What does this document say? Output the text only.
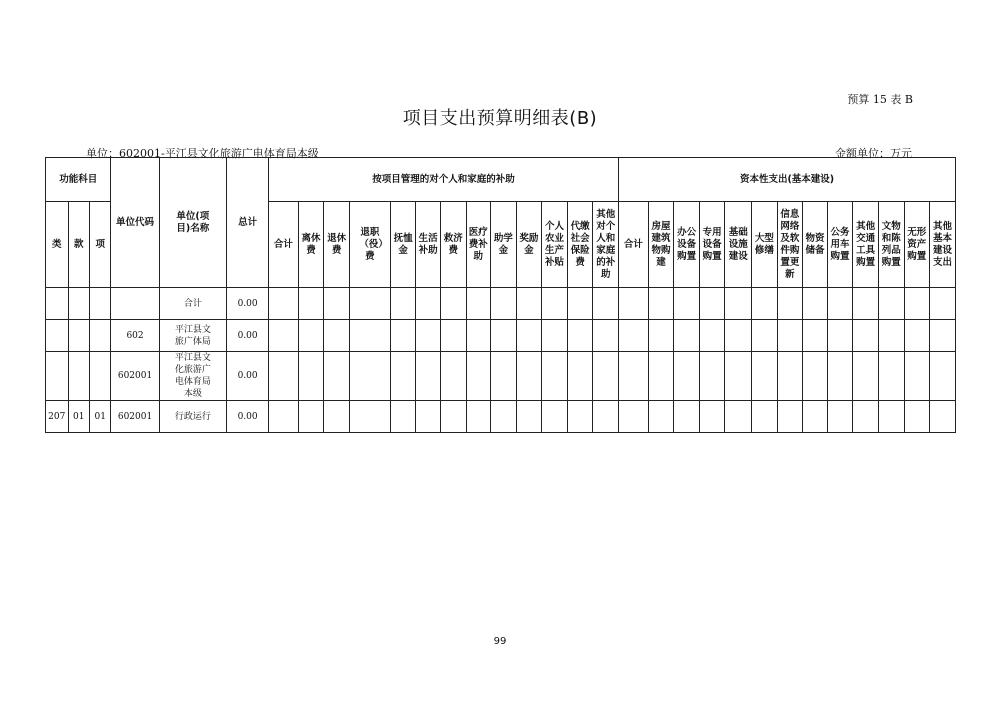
预算 15 表 B
项目支出预算明细表(B)
单位：602001-平江县文化旅游广电体育局本级	金额单位：万元
功能科目			单位代码	单位(项目)名称	总计	按项目管理的对个人和家庭的补助													资本性支出(基本建设)												
类	款	项				合计	离休费	退休费	退职（役）费	抚恤金	生活补助	救济费	医疗费补助	助学金	奖励金	个人农业生产补贴	代缴社会保险费	其他对个人和家庭的补助	合计	房屋建筑物购建	办公设备购置	专用设备购置	基础设施建设	大型修缮	信息网络及软件购置更新	物资储备	公务用车购置	其他交通工具购置	文物和陈列品购置	无形资产购置	其他基本建设支出
				合计	0.00																										
			602	平江县文旅广体局	0.00																										
			602001	平江县文化旅游广电体育局本级	0.00																										
207	01	01	602001	行政运行	0.00																										
99
